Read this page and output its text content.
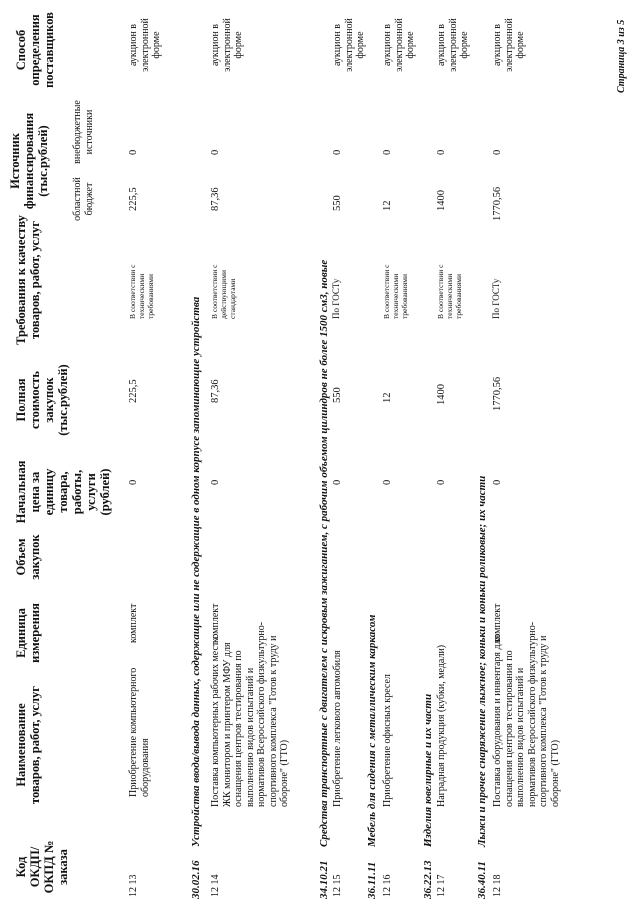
Код ОКДП/ ОКПД № заказа
Наименование товаров, работ, услуг
Единица измерения
Объем закупок
Начальная цена за единицу товара, работы, услуги (рублей)
Полная стоимость закупок (тыс.рублей)
Требования к качеству товаров, работ, услуг
Источник финансирования (тыс.рублей)
областной бюджет
внебюджетные источники
Способ определения поставщиков
12 13
Приобретение компьютерного оборудования
комплект
0
225,5
В соответствии с техническими требованиями
225,5
0
аукцион в электронной форме
30.02.16
Устройства ввода/вывода данных, содержащие или не содержащие в одном корпусе запоминающие устройства
12 14
Поставка компьютерных рабочих мест с ЖК монитором и принтером МФУ для оснащения центров тестирования по выполнению видов испытаний и нормативов Всероссийского физкультурно-спортивного комплекса "Готов к труду и обороне" (ГТО)
комплект
0
87,36
В соответствии с действующими стандартами
87,36
0
аукцион в электронной форме
34.10.21
Средства транспортные с двигателем с искровым зажиганием, с рабочим объемом цилиндров не более 1500 см3, новые
12 15
Приобретение легкового автомобиля
0
550
По ГОСТу
550
0
аукцион в электронной форме
36.11.11
Мебель для сидения с металлическим каркасом
12 16
Приобретение офисных кресел
0
12
В соответствии с техническими требованиями
12
0
аукцион в электронной форме
36.22.13
Изделия ювелирные и их части
12 17
Наградная продукция (кубки, медали)
0
1400
В соответствии с техническими требованиями
1400
0
аукцион в электронной форме
36.40.11
Лыжи и прочее снаряжение лыжное; коньки и коньки роликовые; их части
12 18
Поставка оборудования и инвентаря для оснащения центров тестирования по выполнению видов испытаний и нормативов Всероссийского физкультурно-спортивного комплекса "Готов к труду и обороне" (ГТО)
комплект
0
1770,56
По ГОСТу
1770,56
0
аукцион в электронной форме	Страница 3 из 5
